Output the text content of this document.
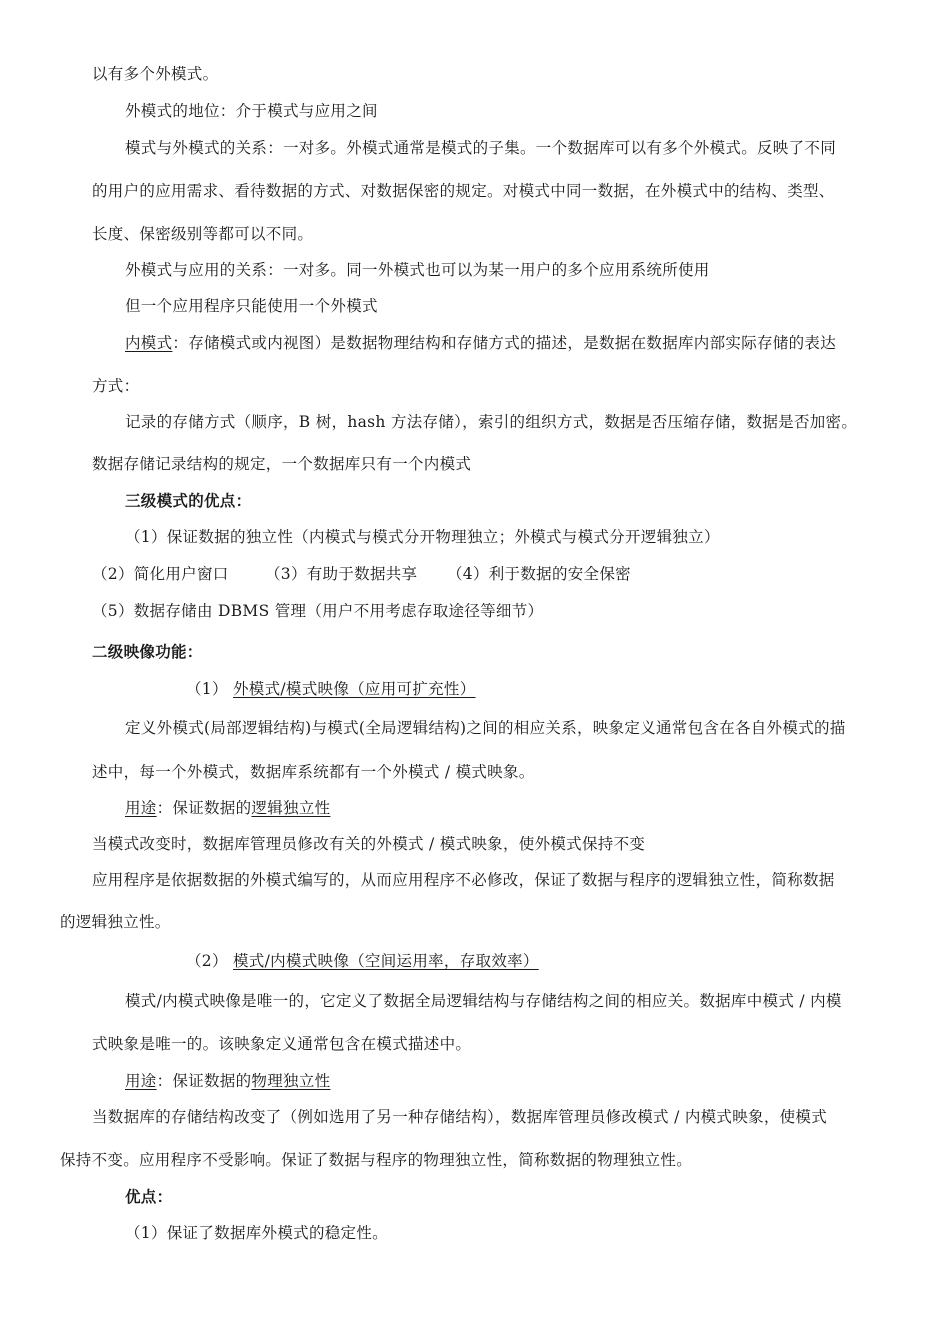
以有多个外模式。
外模式的地位：介于模式与应用之间
模式与外模式的关系：一对多。外模式通常是模式的子集。一个数据库可以有多个外模式。反映了不同
的用户的应用需求、看待数据的方式、对数据保密的规定。对模式中同一数据，在外模式中的结构、类型、
长度、保密级别等都可以不同。
外模式与应用的关系：一对多。同一外模式也可以为某一用户的多个应用系统所使用
但一个应用程序只能使用一个外模式
内模式：存储模式或内视图）是数据物理结构和存储方式的描述，是数据在数据库内部实际存储的表达
方式：
记录的存储方式（顺序，B 树，hash 方法存储），索引的组织方式，数据是否压缩存储，数据是否加密。
数据存储记录结构的规定，一个数据库只有一个内模式
三级模式的优点：
（1）保证数据的独立性（内模式与模式分开物理独立；外模式与模式分开逻辑独立）
（2）简化用户窗口 （3）有助于数据共享 （4）利于数据的安全保密
（5）数据存储由 DBMS 管理（用户不用考虑存取途径等细节）
二级映像功能：
（1） 外模式/模式映像（应用可扩充性）
定义外模式(局部逻辑结构)与模式(全局逻辑结构)之间的相应关系，映象定义通常包含在各自外模式的描
述中，每一个外模式，数据库系统都有一个外模式 / 模式映象。
用途：保证数据的逻辑独立性
当模式改变时，数据库管理员修改有关的外模式 / 模式映象，使外模式保持不变
应用程序是依据数据的外模式编写的，从而应用程序不必修改，保证了数据与程序的逻辑独立性，简称数据
的逻辑独立性。
（2） 模式/内模式映像（空间运用率，存取效率）
模式/内模式映像是唯一的，它定义了数据全局逻辑结构与存储结构之间的相应关。数据库中模式 / 内模
式映象是唯一的。该映象定义通常包含在模式描述中。
用途：保证数据的物理独立性
当数据库的存储结构改变了（例如选用了另一种存储结构），数据库管理员修改模式 / 内模式映象，使模式
保持不变。应用程序不受影响。保证了数据与程序的物理独立性，简称数据的物理独立性。
优点：
（1）保证了数据库外模式的稳定性。
